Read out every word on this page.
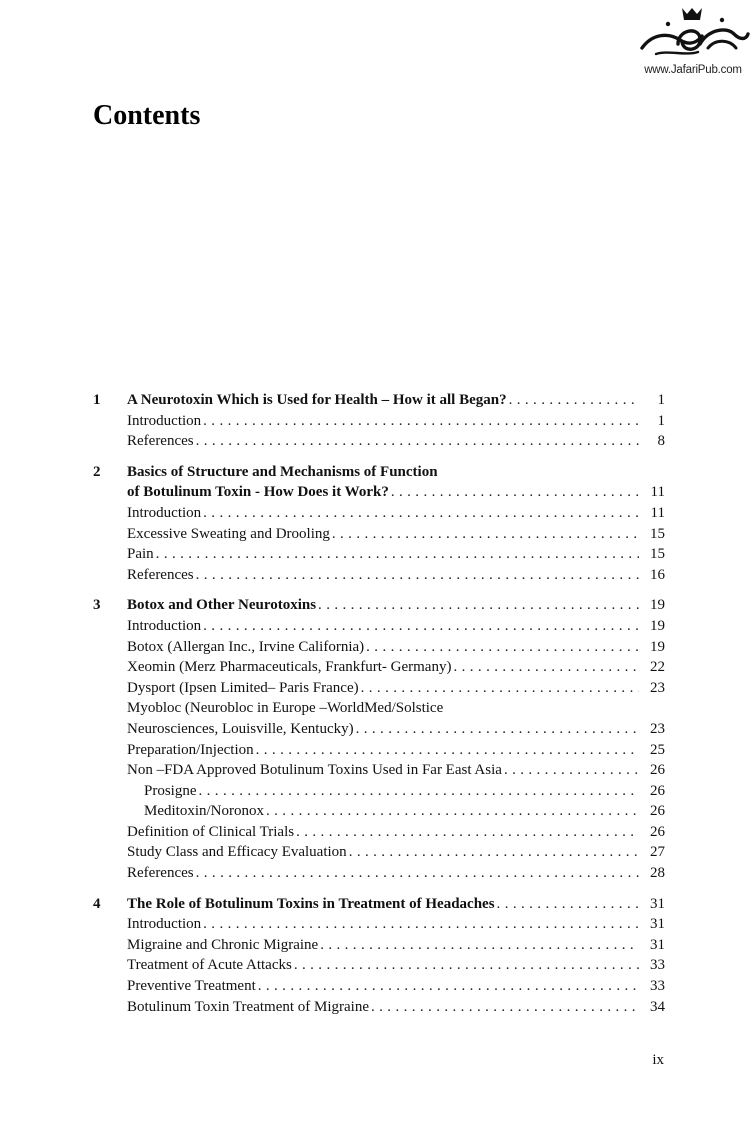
www.JafariPub.com
Contents
1	A Neurotoxin Which is Used for Health – How it all Began? .....	1
Introduction .....	1
References .....	8
2	Basics of Structure and Mechanisms of Function
of Botulinum Toxin - How Does it Work? .....	11
Introduction .....	11
Excessive Sweating and Drooling .....	15
Pain .....	15
References .....	16
3	Botox and Other Neurotoxins .....	19
Introduction .....	19
Botox (Allergan Inc., Irvine California) .....	19
Xeomin (Merz Pharmaceuticals, Frankfurt- Germany) .....	22
Dysport (Ipsen Limited– Paris France) .....	23
Myobloc (Neurobloc in Europe –WorldMed/Solstice
Neurosciences, Louisville, Kentucky) .....	23
Preparation/Injection .....	25
Non –FDA Approved Botulinum Toxins Used in Far East Asia .....	26
Prosigne .....	26
Meditoxin/Noronox .....	26
Definition of Clinical Trials .....	26
Study Class and Efficacy Evaluation .....	27
References .....	28
4	The Role of Botulinum Toxins in Treatment of Headaches .....	31
Introduction .....	31
Migraine and Chronic Migraine .....	31
Treatment of Acute Attacks .....	33
Preventive Treatment .....	33
Botulinum Toxin Treatment of Migraine .....	34
ix
